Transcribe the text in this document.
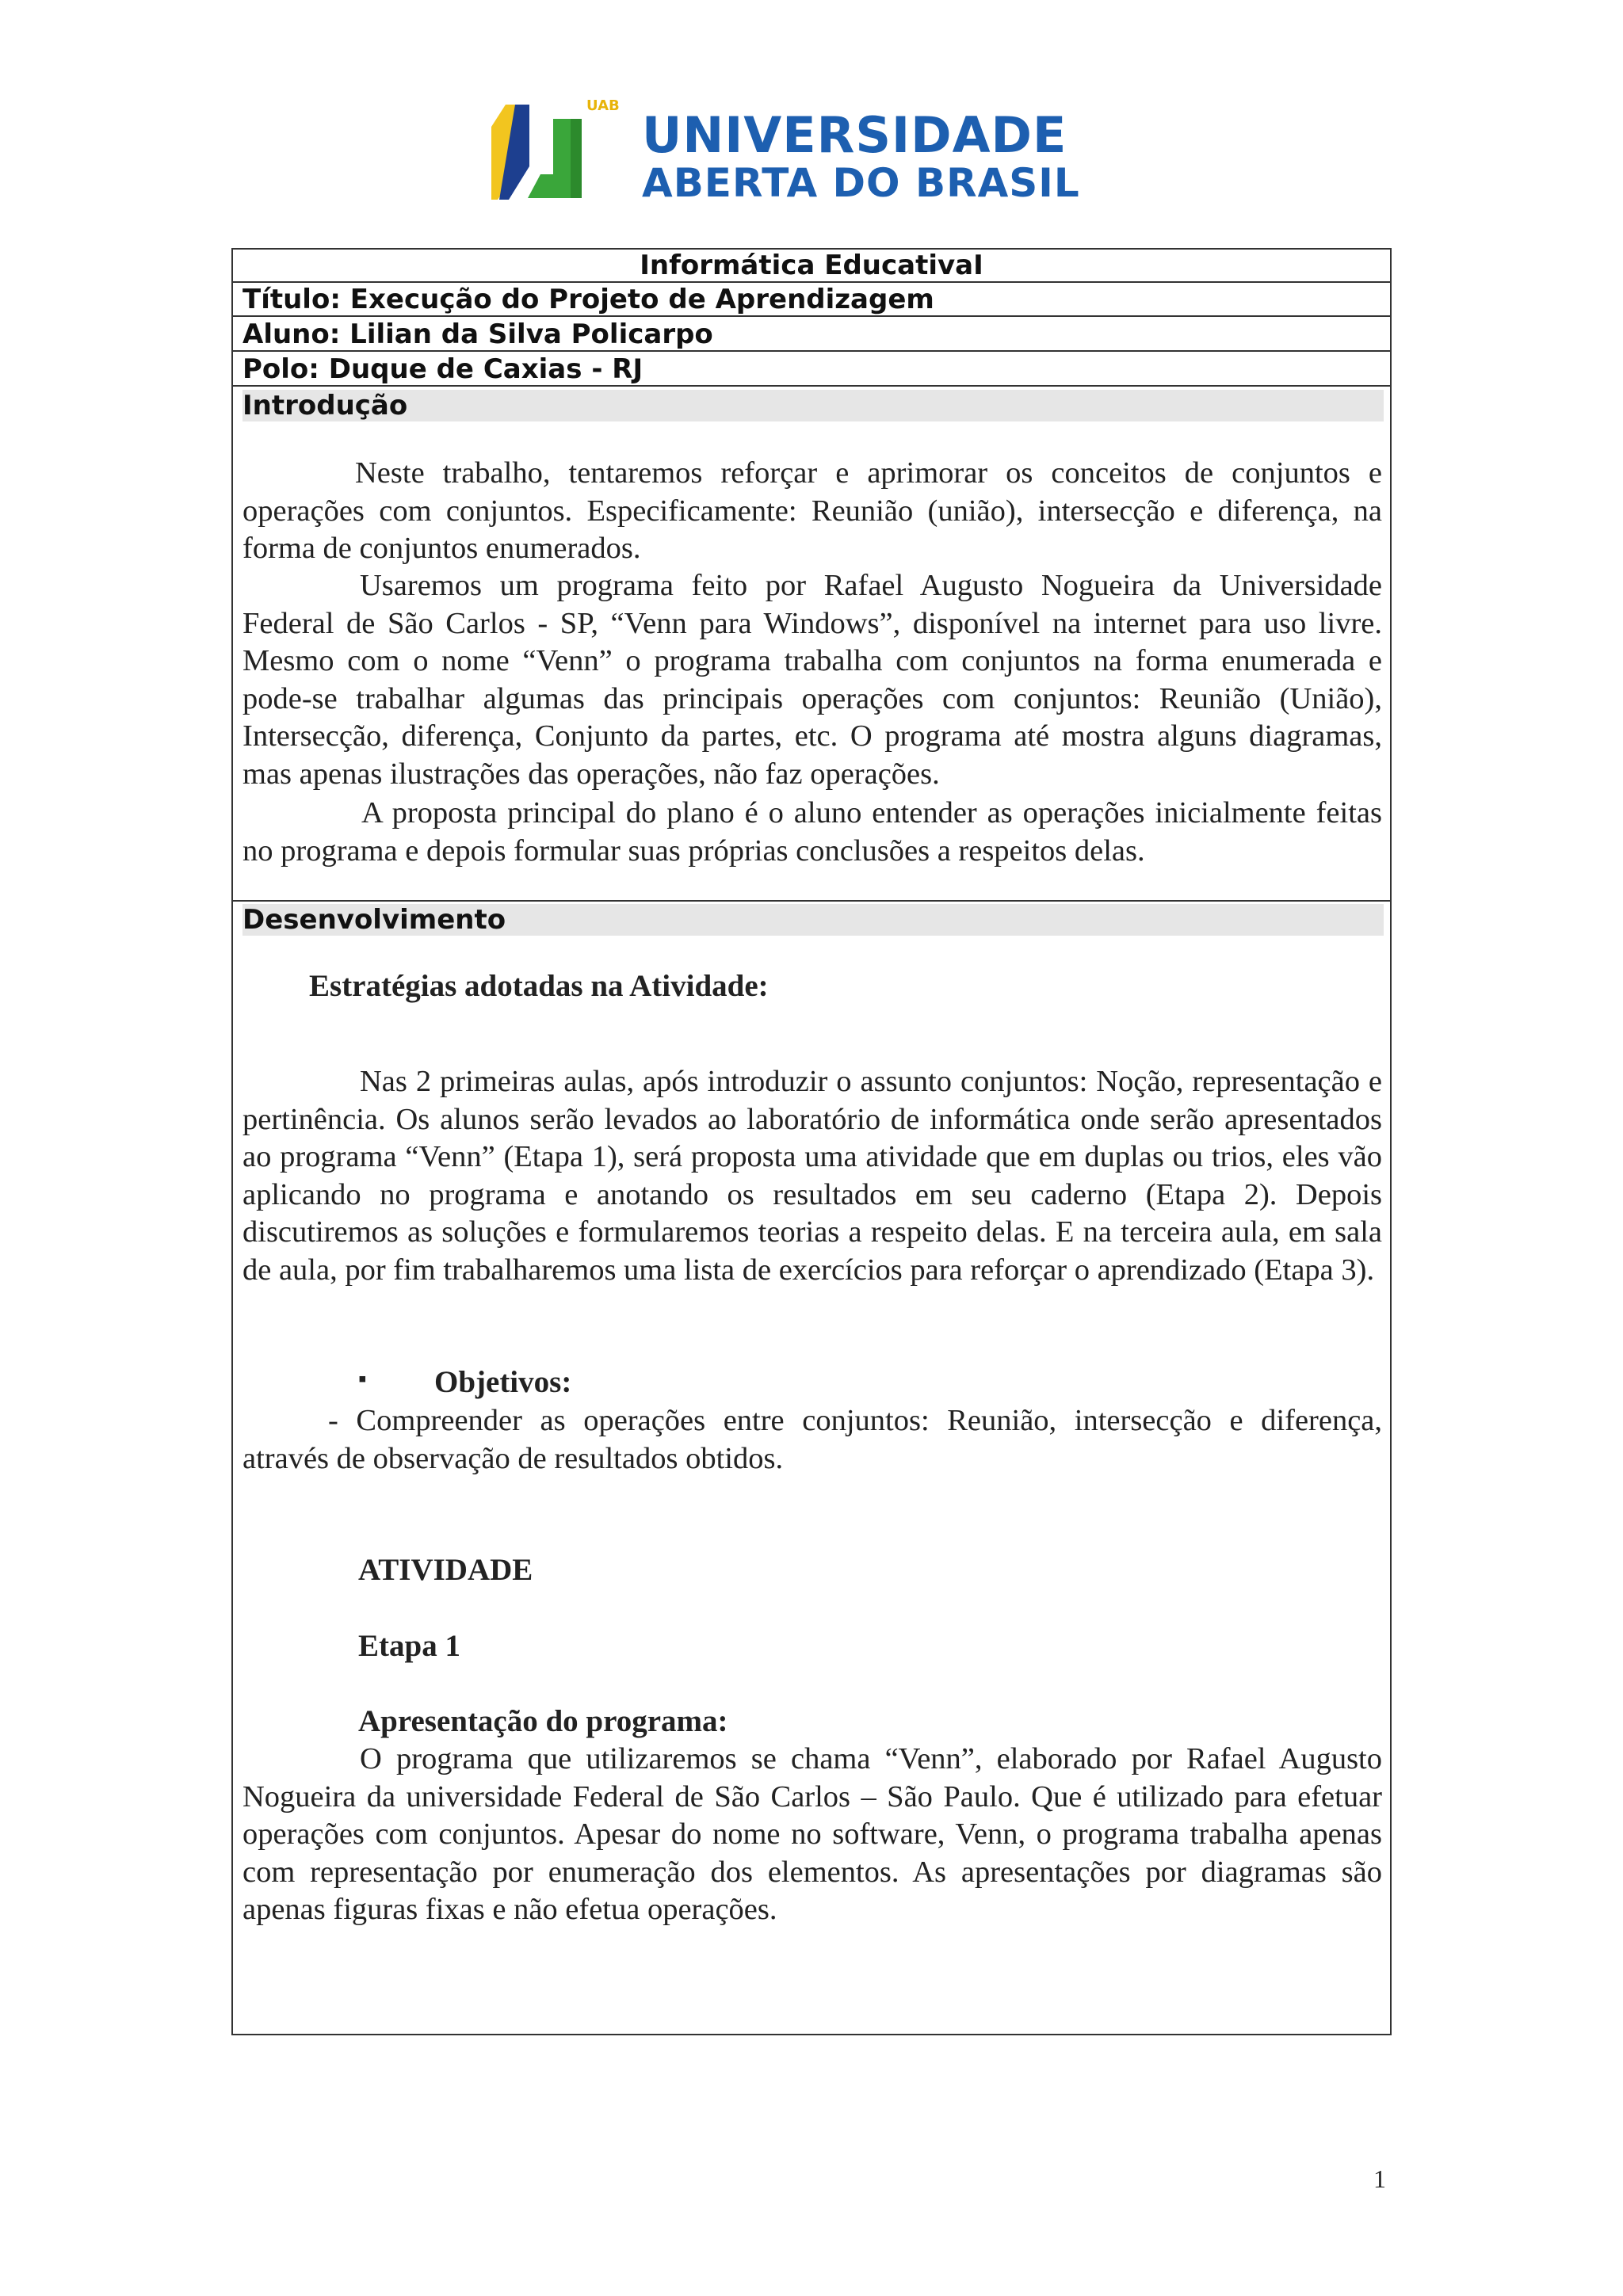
UAB
UNIVERSIDADE
ABERTA DO BRASIL
Informática EducativaI
Título: Execução do Projeto de Aprendizagem
Aluno: Lilian da Silva Policarpo
Polo: Duque de Caxias - RJ
Introdução
Neste trabalho, tentaremos reforçar e aprimorar os conceitos de conjuntos e operações com conjuntos. Especificamente: Reunião (união), intersecção e diferença, na forma de conjuntos enumerados.
Usaremos um programa feito por Rafael Augusto Nogueira da Universidade Federal de São Carlos - SP, “Venn para Windows”, disponível na internet para uso livre. Mesmo com o nome “Venn” o programa trabalha com conjuntos na forma enumerada e pode-se trabalhar algumas das principais operações com conjuntos: Reunião (União), Intersecção, diferença, Conjunto da partes, etc. O programa até mostra alguns diagramas, mas apenas ilustrações das operações, não faz operações.
A proposta principal do plano é o aluno entender as operações inicialmente feitas no programa e depois formular suas próprias conclusões a respeitos delas.
Desenvolvimento
Estratégias adotadas na Atividade:
Nas 2 primeiras aulas, após introduzir o assunto conjuntos: Noção, representação e pertinência. Os alunos serão levados ao laboratório de informática onde serão apresentados ao programa “Venn” (Etapa 1), será proposta uma atividade que em duplas ou trios, eles vão aplicando no programa e anotando os resultados em seu caderno (Etapa 2). Depois discutiremos as soluções e formularemos teorias a respeito delas. E na terceira aula, em sala de aula, por fim trabalharemos uma lista de exercícios para reforçar o aprendizado (Etapa 3).
▪ Objetivos:
- Compreender as operações entre conjuntos: Reunião, intersecção e diferença, através de observação de resultados obtidos.
ATIVIDADE
Etapa 1
Apresentação do programa:
O programa que utilizaremos se chama “Venn”, elaborado por Rafael Augusto Nogueira da universidade Federal de São Carlos – São Paulo. Que é utilizado para efetuar operações com conjuntos. Apesar do nome no software, Venn, o programa trabalha apenas com representação por enumeração dos elementos. As apresentações por diagramas são apenas figuras fixas e não efetua operações.
1
